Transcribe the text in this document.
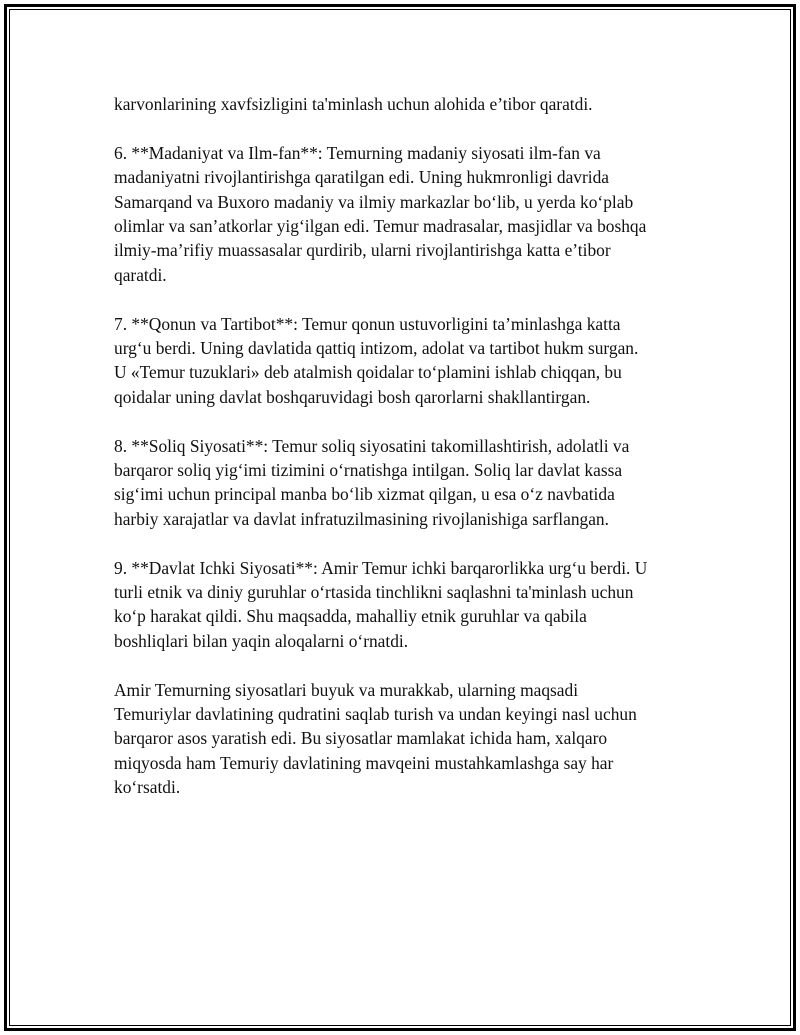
karvonlarining xavfsizligini ta'minlash uchun alohida e’tibor qaratdi.

6. **Madaniyat va Ilm-fan**: Temurning madaniy siyosati ilm-fan va
madaniyatni rivojlantirishga qaratilgan edi. Uning hukmronligi davrida
Samarqand va Buxoro madaniy va ilmiy markazlar bo‘lib, u yerda ko‘plab
olimlar va san’atkorlar yig‘ilgan edi. Temur madrasalar, masjidlar va boshqa
ilmiy-ma’rifiy muassasalar qurdirib, ularni rivojlantirishga katta e’tibor
qaratdi.

7. **Qonun va Tartibot**: Temur qonun ustuvorligini ta’minlashga katta
urg‘u berdi. Uning davlatida qattiq intizom, adolat va tartibot hukm surgan.
U «Temur tuzuklari» deb atalmish qoidalar to‘plamini ishlab chiqqan, bu
qoidalar uning davlat boshqaruvidagi bosh qarorlarni shakllantirgan.

8. **Soliq Siyosati**: Temur soliq siyosatini takomillashtirish, adolatli va
barqaror soliq yig‘imi tizimini o‘rnatishga intilgan. Soliq lar davlat kassa
sig‘imi uchun principal manba bo‘lib xizmat qilgan, u esa o‘z navbatida
harbiy xarajatlar va davlat infratuzilmasining rivojlanishiga sarflangan.

9. **Davlat Ichki Siyosati**: Amir Temur ichki barqarorlikka urg‘u berdi. U
turli etnik va diniy guruhlar o‘rtasida tinchlikni saqlashni ta'minlash uchun
ko‘p harakat qildi. Shu maqsadda, mahalliy etnik guruhlar va qabila
boshliqlari bilan yaqin aloqalarni o‘rnatdi.

Amir Temurning siyosatlari buyuk va murakkab, ularning maqsadi
Temuriylar davlatining qudratini saqlab turish va undan keyingi nasl uchun
barqaror asos yaratish edi. Bu siyosatlar mamlakat ichida ham, xalqaro
miqyosda ham Temuriy davlatining mavqeini mustahkamlashga say har
ko‘rsatdi.
